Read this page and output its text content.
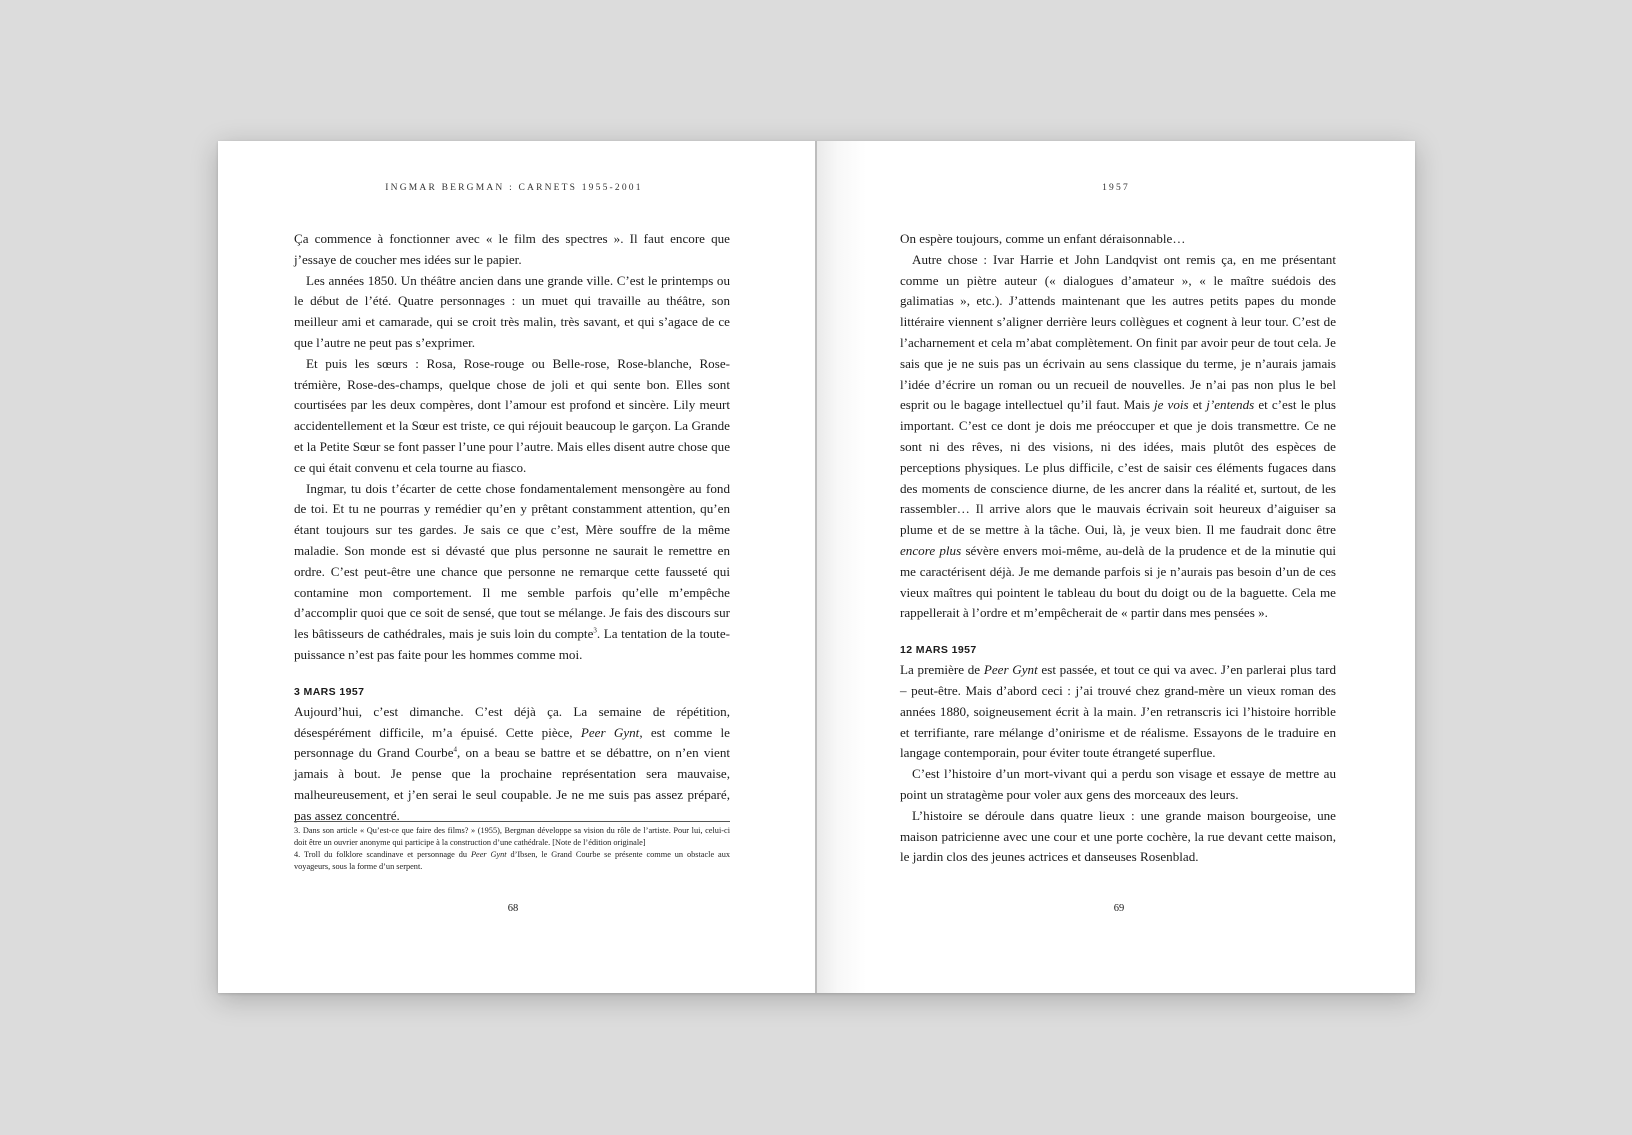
INGMAR BERGMAN : CARNETS 1955-2001

Ça commence à fonctionner avec « le film des spectres ». Il faut encore que j’essaye de coucher mes idées sur le papier.

Les années 1850. Un théâtre ancien dans une grande ville. C’est le printemps ou le début de l’été. Quatre personnages : un muet qui travaille au théâtre, son meilleur ami et camarade, qui se croit très malin, très savant, et qui s’agace de ce que l’autre ne peut pas s’exprimer.

Et puis les sœurs : Rosa, Rose-rouge ou Belle-rose, Rose-blanche, Rose-trémière, Rose-des-champs, quelque chose de joli et qui sente bon. Elles sont courtisées par les deux compères, dont l’amour est profond et sincère. Lily meurt accidentellement et la Sœur est triste, ce qui réjouit beaucoup le garçon. La Grande et la Petite Sœur se font passer l’une pour l’autre. Mais elles disent autre chose que ce qui était convenu et cela tourne au fiasco.

Ingmar, tu dois t’écarter de cette chose fondamentalement mensongère au fond de toi. Et tu ne pourras y remédier qu’en y prêtant constamment attention, qu’en étant toujours sur tes gardes. Je sais ce que c’est, Mère souffre de la même maladie. Son monde est si dévasté que plus personne ne saurait le remettre en ordre. C’est peut-être une chance que personne ne remarque cette fausseté qui contamine mon comportement. Il me semble parfois qu’elle m’empêche d’accomplir quoi que ce soit de sensé, que tout se mélange. Je fais des discours sur les bâtisseurs de cathédrales, mais je suis loin du compte$^3$. La tentation de la toute-puissance n’est pas faite pour les hommes comme moi.

3 MARS 1957

Aujourd’hui, c’est dimanche. C’est déjà ça. La semaine de répétition, désespérément difficile, m’a épuisé. Cette pièce, Peer Gynt, est comme le personnage du Grand Courbe$^4$, on a beau se battre et se débattre, on n’en vient jamais à bout. Je pense que la prochaine représentation sera mauvaise, malheureusement, et j’en serai le seul coupable. Je ne me suis pas assez préparé, pas assez concentré.

3. Dans son article « Qu’est-ce que faire des films? » (1955), Bergman développe sa vision du rôle de l’artiste. Pour lui, celui-ci doit être un ouvrier anonyme qui participe à la construction d’une cathédrale. [Note de l’édition originale]

4. Troll du folklore scandinave et personnage du Peer Gynt d’Ibsen, le Grand Courbe se présente comme un obstacle aux voyageurs, sous la forme d’un serpent.

68
1957

On espère toujours, comme un enfant déraisonnable…

Autre chose : Ivar Harrie et John Landqvist ont remis ça, en me présentant comme un piètre auteur (« dialogues d’amateur », « le maître suédois des galimatias », etc.). J’attends maintenant que les autres petits papes du monde littéraire viennent s’aligner derrière leurs collègues et cognent à leur tour. C’est de l’acharnement et cela m’abat complètement. On finit par avoir peur de tout cela. Je sais que je ne suis pas un écrivain au sens classique du terme, je n’aurais jamais l’idée d’écrire un roman ou un recueil de nouvelles. Je n’ai pas non plus le bel esprit ou le bagage intellectuel qu’il faut. Mais je vois et j’entends et c’est le plus important. C’est ce dont je dois me préoccuper et que je dois transmettre. Ce ne sont ni des rêves, ni des visions, ni des idées, mais plutôt des espèces de perceptions physiques. Le plus difficile, c’est de saisir ces éléments fugaces dans des moments de conscience diurne, de les ancrer dans la réalité et, surtout, de les rassembler… Il arrive alors que le mauvais écrivain soit heureux d’aiguiser sa plume et de se mettre à la tâche. Oui, là, je veux bien. Il me faudrait donc être encore plus sévère envers moi-même, au-delà de la prudence et de la minutie qui me caractérisent déjà. Je me demande parfois si je n’aurais pas besoin d’un de ces vieux maîtres qui pointent le tableau du bout du doigt ou de la baguette. Cela me rappellerait à l’ordre et m’empêcherait de « partir dans mes pensées ».

12 MARS 1957

La première de Peer Gynt est passée, et tout ce qui va avec. J’en parlerai plus tard – peut-être. Mais d’abord ceci : j’ai trouvé chez grand-mère un vieux roman des années 1880, soigneusement écrit à la main. J’en retranscris ici l’histoire horrible et terrifiante, rare mélange d’onirisme et de réalisme. Essayons de le traduire en langage contemporain, pour éviter toute étrangeté superflue.

C’est l’histoire d’un mort-vivant qui a perdu son visage et essaye de mettre au point un stratagème pour voler aux gens des morceaux des leurs.

L’histoire se déroule dans quatre lieux : une grande maison bourgeoise, une maison patricienne avec une cour et une porte cochère, la rue devant cette maison, le jardin clos des jeunes actrices et danseuses Rosenblad.

69
